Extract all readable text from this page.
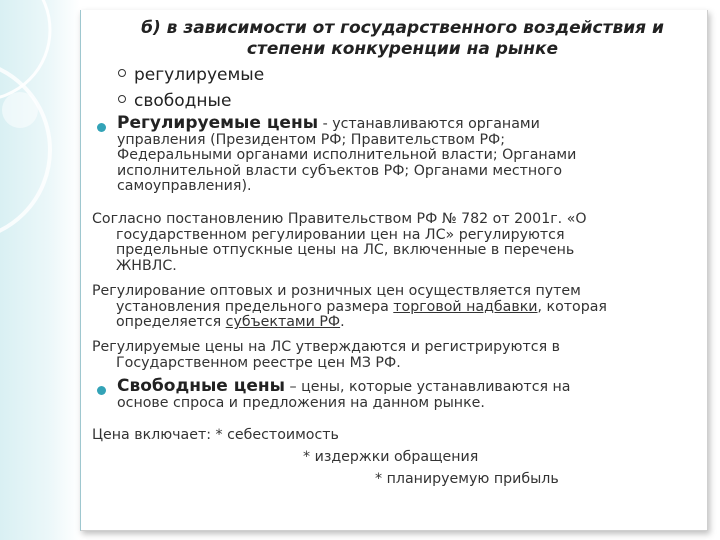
б) в зависимости от государственного воздействия и
степени конкуренции на рынке
регулируемые
свободные
Регулируемые цены - устанавливаются органами
управления (Президентом РФ; Правительством РФ;
Федеральными органами исполнительной власти; Органами
исполнительной власти субъектов РФ; Органами местного
самоуправления).
Согласно постановлению Правительством РФ № 782 от 2001г. «О
государственном регулировании цен на ЛС» регулируются
предельные отпускные цены на ЛС, включенные в перечень
ЖНВЛС.
Регулирование оптовых и розничных цен осуществляется путем
установления предельного размера торговой надбавки, которая
определяется субъектами РФ.
Регулируемые цены на ЛС утверждаются и регистрируются в
Государственном реестре цен МЗ РФ.
Свободные цены – цены, которые устанавливаются на
основе спроса и предложения на данном рынке.
Цена включает: * себестоимость
* издержки обращения
* планируемую прибыль
